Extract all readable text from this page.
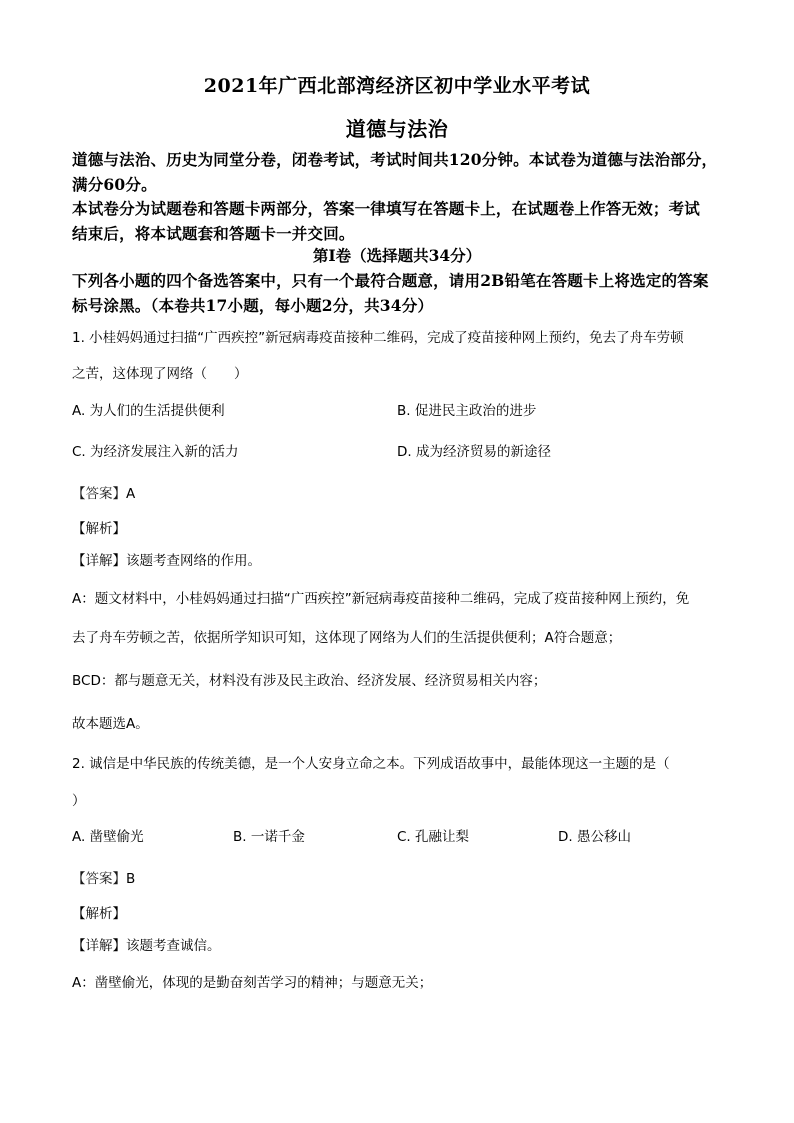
2021年广西北部湾经济区初中学业水平考试
道德与法治
道德与法治、历史为同堂分卷，闭卷考试，考试时间共120分钟。本试卷为道德与法治部分，
满分60分。
本试卷分为试题卷和答题卡两部分，答案一律填写在答题卡上，在试题卷上作答无效；考试
结束后，将本试题套和答题卡一并交回。
第Ⅰ卷（选择题共34分）
下列各小题的四个备选答案中，只有一个最符合题意，请用2B铅笔在答题卡上将选定的答案
标号涂黑。（本卷共17小题，每小题2分，共34分）
1. 小桂妈妈通过扫描“广西疾控”新冠病毒疫苗接种二维码，完成了疫苗接种网上预约，免去了舟车劳顿
之苦，这体现了网络（　　）
A. 为人们的生活提供便利	B. 促进民主政治的进步
C. 为经济发展注入新的活力	D. 成为经济贸易的新途径
【答案】A
【解析】
【详解】该题考查网络的作用。
A：题文材料中，小桂妈妈通过扫描“广西疾控”新冠病毒疫苗接种二维码，完成了疫苗接种网上预约，免
去了舟车劳顿之苦，依据所学知识可知，这体现了网络为人们的生活提供便利；A符合题意；
BCD：都与题意无关，材料没有涉及民主政治、经济发展、经济贸易相关内容；
故本题选A。
2. 诚信是中华民族的传统美德，是一个人安身立命之本。下列成语故事中，最能体现这一主题的是（
）
A. 凿壁偷光	B. 一诺千金	C. 孔融让梨	D. 愚公移山
【答案】B
【解析】
【详解】该题考查诚信。
A：凿壁偷光，体现的是勤奋刻苦学习的精神；与题意无关；
